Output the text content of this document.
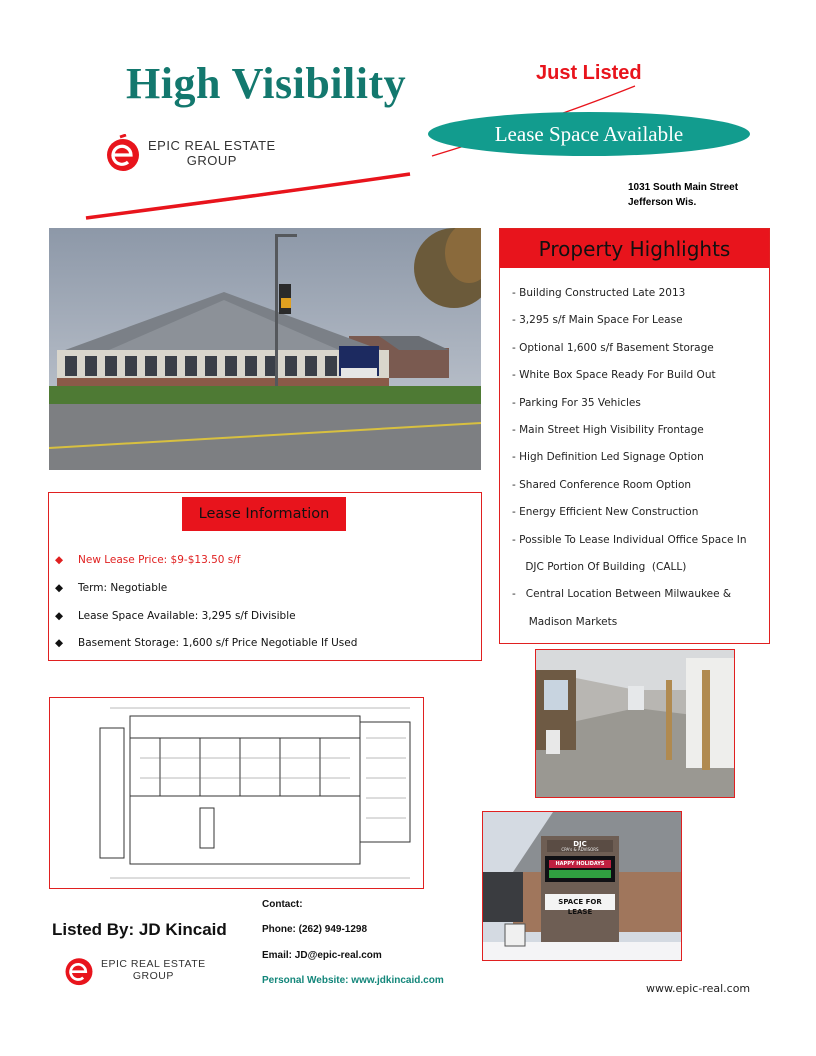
High Visibility	Just Listed
Lease Space Available
1031 South Main Street
Jefferson Wis.
EPIC REAL ESTATE
GROUP
Property Highlights
- Building Constructed Late 2013
- 3,295 s/f Main Space For Lease
- Optional 1,600 s/f Basement Storage
- White Box Space Ready For Build Out
- Parking For 35 Vehicles
- Main Street High Visibility Frontage
- High Definition Led Signage Option
- Shared Conference Room Option
- Energy Efficient New Construction
- Possible To Lease Individual Office Space In
DJC Portion Of Building  (CALL)
-   Central Location Between Milwaukee &
Madison Markets
Lease Information
◆ New Lease Price: $9-$13.50 s/f
◆ Term: Negotiable
◆ Lease Space Available: 3,295 s/f Divisible
◆ Basement Storage: 1,600 s/f Price Negotiable If Used
DJC
CPA's & ADVISORS
HAPPY HOLIDAYS
SPACE FOR LEASE
Listed By: JD Kincaid
EPIC REAL ESTATE
GROUP
Contact:
Phone: (262) 949-1298
Email: JD@epic-real.com
Personal Website: www.jdkincaid.com
www.epic-real.com
